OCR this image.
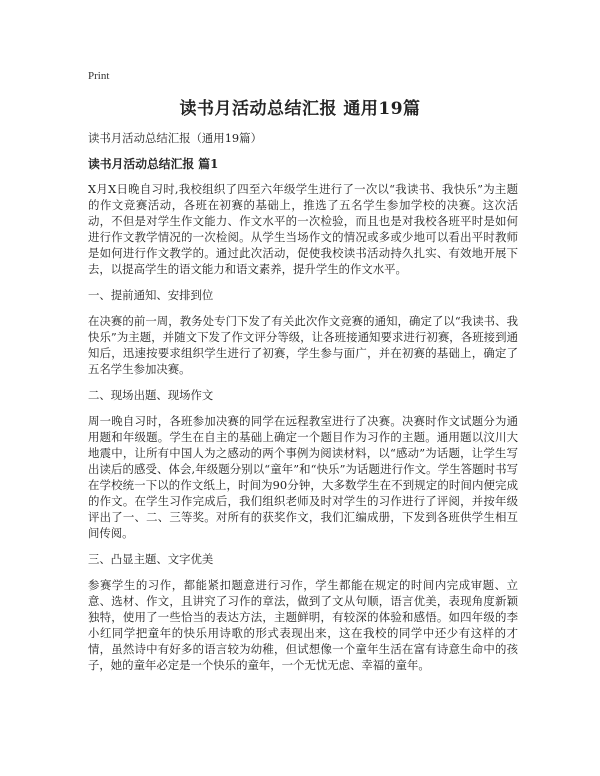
Print
读书月活动总结汇报 通用19篇
读书月活动总结汇报（通用19篇）
读书月活动总结汇报 篇1
X月X日晚自习时,我校组织了四至六年级学生进行了一次以“我读书、我快乐”为主题的作文竞赛活动，各班在初赛的基础上，推选了五名学生参加学校的决赛。这次活动，不但是对学生作文能力、作文水平的一次检验，而且也是对我校各班平时是如何进行作文教学情况的一次检阅。从学生当场作文的情况或多或少地可以看出平时教师是如何进行作文教学的。通过此次活动，促使我校读书活动持久扎实、有效地开展下去，以提高学生的语文能力和语文素养，提升学生的作文水平。
一、提前通知、安排到位
在决赛的前一周，教务处专门下发了有关此次作文竞赛的通知，确定了以“我读书、我快乐”为主题，并随文下发了作文评分等级，让各班接通知要求进行初赛，各班接到通知后，迅速按要求组织学生进行了初赛，学生参与面广，并在初赛的基础上，确定了五名学生参加决赛。
二、现场出题、现场作文
周一晚自习时，各班参加决赛的同学在远程教室进行了决赛。决赛时作文试题分为通用题和年级题。学生在自主的基础上确定一个题目作为习作的主题。通用题以汶川大地震中，让所有中国人为之感动的两个事例为阅读材料，以“感动”为话题，让学生写出读后的感受、体会,年级题分别以“童年”和“快乐”为话题进行作文。学生答题时书写在学校统一下以的作文纸上，时间为90分钟，大多数学生在不到规定的时间内便完成的作文。在学生习作完成后，我们组织老师及时对学生的习作进行了评阅，并按年级评出了一、二、三等奖。对所有的获奖作文，我们汇编成册，下发到各班供学生相互间传阅。
三、凸显主题、文字优美
参赛学生的习作，都能紧扣题意进行习作，学生都能在规定的时间内完成审题、立意、选材、作文，且讲究了习作的章法，做到了文从句顺，语言优美，表现角度新颖独特，使用了一些恰当的表达方法，主题鲜明，有较深的体验和感悟。如四年级的李小红同学把童年的快乐用诗歌的形式表现出来，这在我校的同学中还少有这样的才情，虽然诗中有好多的语言较为幼稚，但试想像一个童年生活在富有诗意生命中的孩子，她的童年必定是一个快乐的童年，一个无忧无虑、幸福的童年。
